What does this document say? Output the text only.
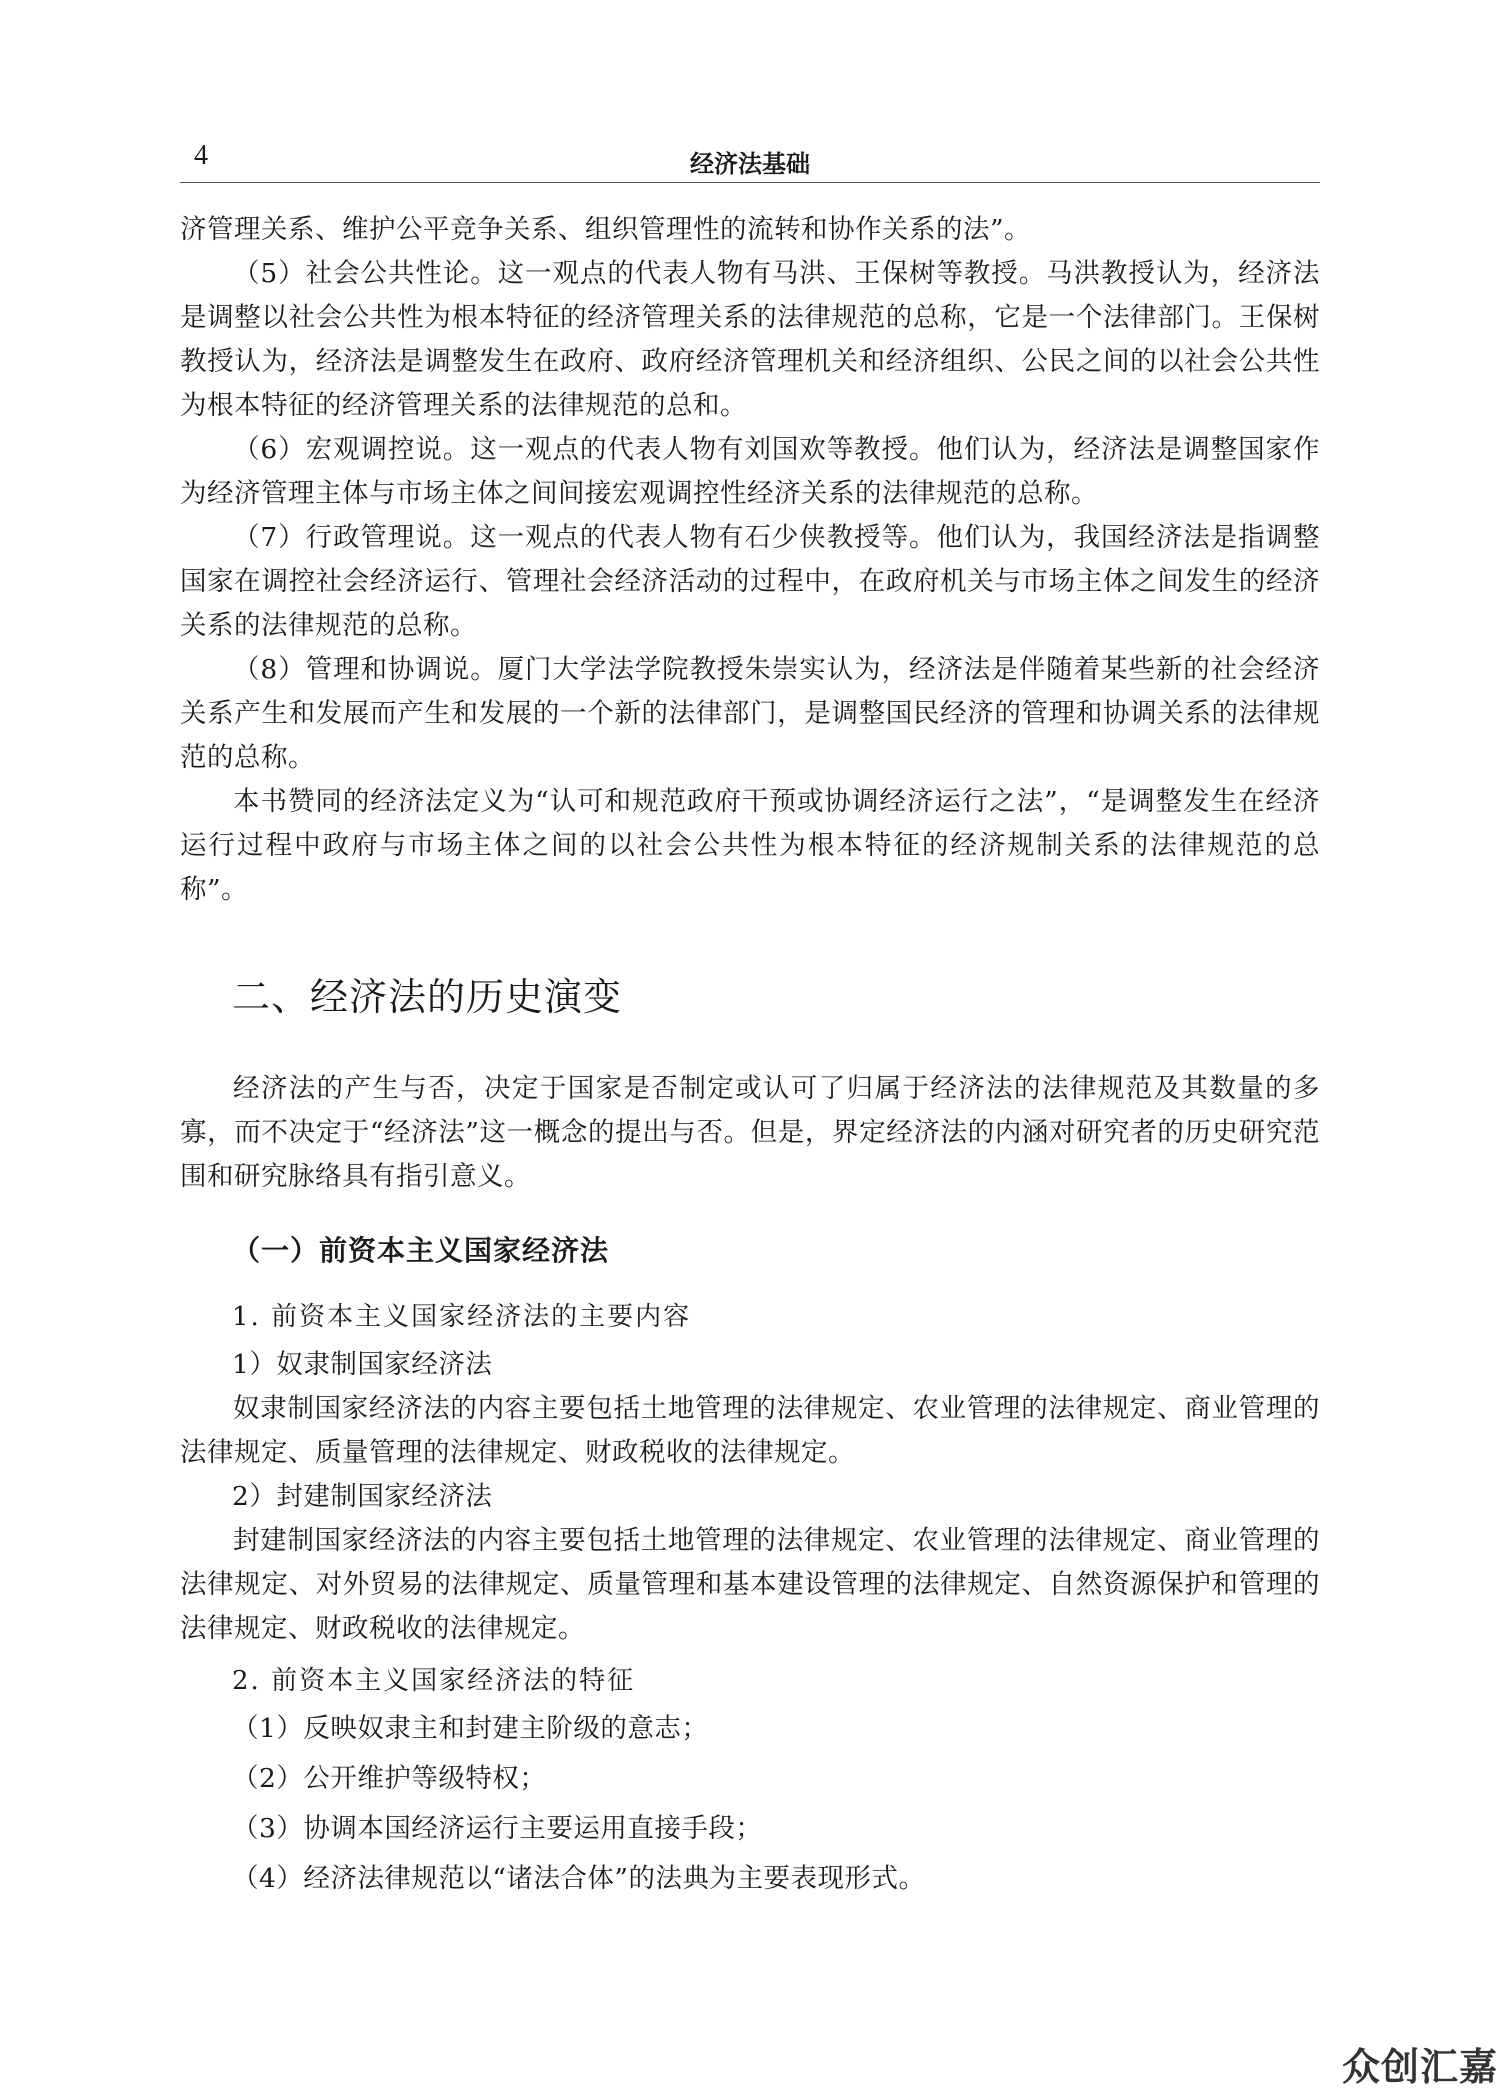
4	经济法基础

济管理关系、维护公平竞争关系、组织管理性的流转和协作关系的法”。

（5）社会公共性论。这一观点的代表人物有马洪、王保树等教授。马洪教授认为，经济法是调整以社会公共性为根本特征的经济管理关系的法律规范的总称，它是一个法律部门。王保树教授认为，经济法是调整发生在政府、政府经济管理机关和经济组织、公民之间的以社会公共性为根本特征的经济管理关系的法律规范的总和。

（6）宏观调控说。这一观点的代表人物有刘国欢等教授。他们认为，经济法是调整国家作为经济管理主体与市场主体之间间接宏观调控性经济关系的法律规范的总称。

（7）行政管理说。这一观点的代表人物有石少侠教授等。他们认为，我国经济法是指调整国家在调控社会经济运行、管理社会经济活动的过程中，在政府机关与市场主体之间发生的经济关系的法律规范的总称。

（8）管理和协调说。厦门大学法学院教授朱崇实认为，经济法是伴随着某些新的社会经济关系产生和发展而产生和发展的一个新的法律部门，是调整国民经济的管理和协调关系的法律规范的总称。

本书赞同的经济法定义为“认可和规范政府干预或协调经济运行之法”，“是调整发生在经济运行过程中政府与市场主体之间的以社会公共性为根本特征的经济规制关系的法律规范的总称”。

二、经济法的历史演变

经济法的产生与否，决定于国家是否制定或认可了归属于经济法的法律规范及其数量的多寡，而不决定于“经济法”这一概念的提出与否。但是，界定经济法的内涵对研究者的历史研究范围和研究脉络具有指引意义。

（一）前资本主义国家经济法
1. 前资本主义国家经济法的主要内容
1）奴隶制国家经济法

奴隶制国家经济法的内容主要包括土地管理的法律规定、农业管理的法律规定、商业管理的法律规定、质量管理的法律规定、财政税收的法律规定。

2）封建制国家经济法

封建制国家经济法的内容主要包括土地管理的法律规定、农业管理的法律规定、商业管理的法律规定、对外贸易的法律规定、质量管理和基本建设管理的法律规定、自然资源保护和管理的法律规定、财政税收的法律规定。

2. 前资本主义国家经济法的特征
（1）反映奴隶主和封建主阶级的意志；
（2）公开维护等级特权；
（3）协调本国经济运行主要运用直接手段；
（4）经济法律规范以“诸法合体”的法典为主要表现形式。
众创汇嘉
